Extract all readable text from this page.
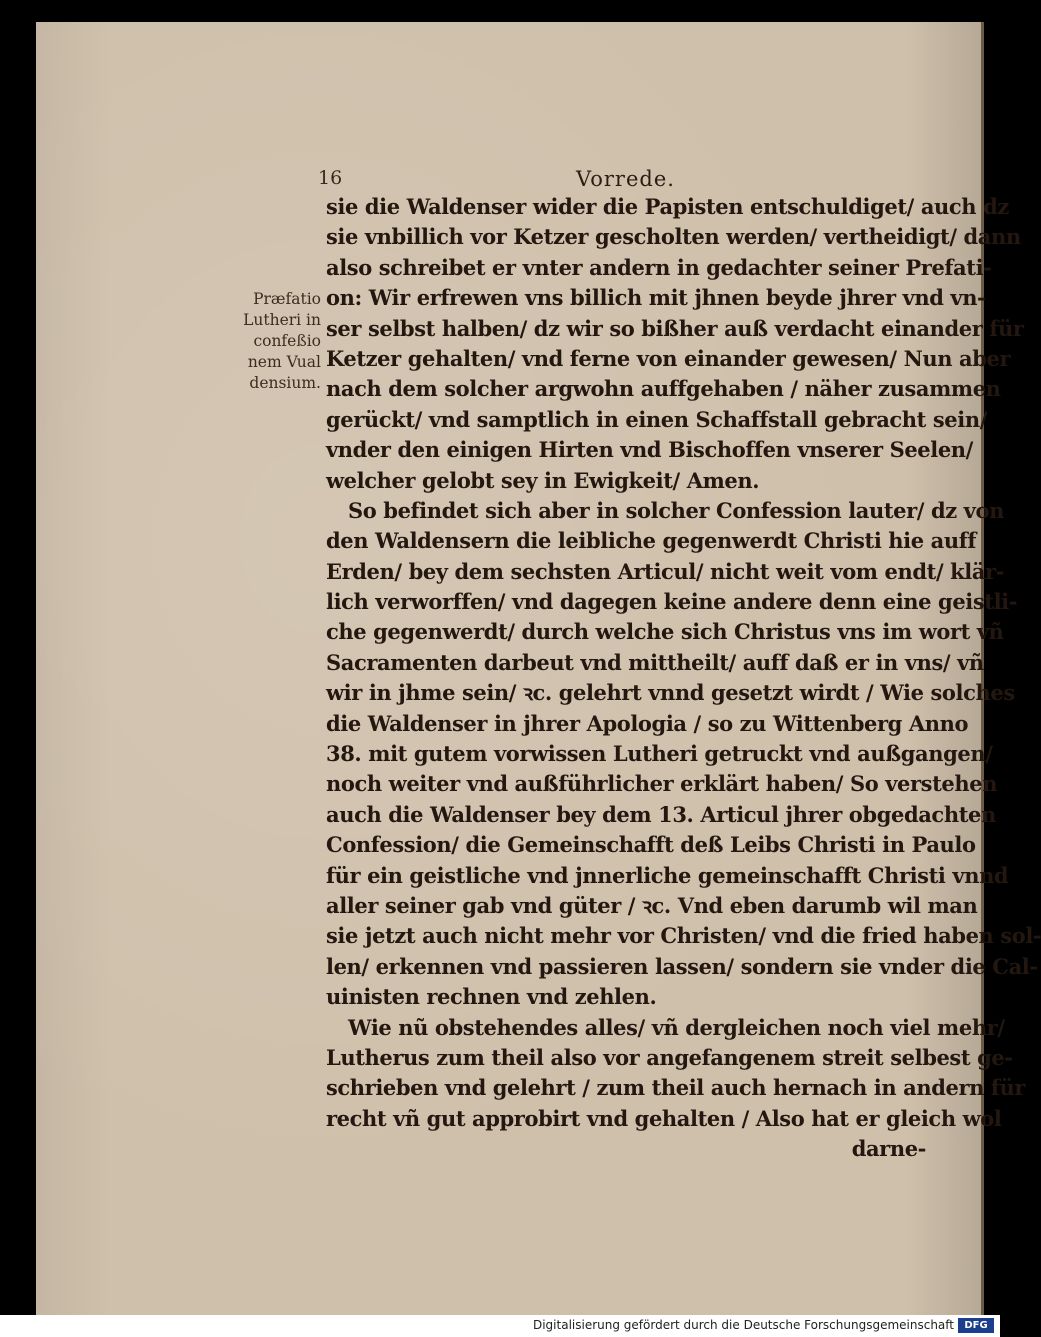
16	Vorrede.
Præfatio
Lutheri in
confeßio
nem Vual
densium.
sie die Waldenser wider die Papisten entschuldiget/ auch dz
sie vnbillich vor Ketzer gescholten werden/ vertheidigt/ dann
also schreibet er vnter andern in gedachter seiner Prefati-
on: Wir erfrewen vns billich mit jhnen beyde jhrer vnd vn-
ser selbst halben/ dz wir so bißher auß verdacht einander für
Ketzer gehalten/ vnd ferne von einander gewesen/ Nun aber
nach dem solcher argwohn auffgehaben / näher zusammen
gerückt/ vnd samptlich in einen Schaffstall gebracht sein/
vnder den einigen Hirten vnd Bischoffen vnserer Seelen/
welcher gelobt sey in Ewigkeit/ Amen.
So befindet sich aber in solcher Confession lauter/ dz von
den Waldensern die leibliche gegenwerdt Christi hie auff
Erden/ bey dem sechsten Articul/ nicht weit vom endt/ klär-
lich verworffen/ vnd dagegen keine andere denn eine geistli-
che gegenwerdt/ durch welche sich Christus vns im wort vñ
Sacramenten darbeut vnd mittheilt/ auff daß er in vns/ vñ
wir in jhme sein/ ꝛc. gelehrt vnnd gesetzt wirdt / Wie solches
die Waldenser in jhrer Apologia / so zu Wittenberg Anno
38. mit gutem vorwissen Lutheri getruckt vnd außgangen/
noch weiter vnd außführlicher erklärt haben/ So verstehen
auch die Waldenser bey dem 13. Articul jhrer obgedachten
Confession/ die Gemeinschafft deß Leibs Christi in Paulo
für ein geistliche vnd jnnerliche gemeinschafft Christi vnnd
aller seiner gab vnd güter / ꝛc. Vnd eben darumb wil man
sie jetzt auch nicht mehr vor Christen/ vnd die fried haben sol-
len/ erkennen vnd passieren lassen/ sondern sie vnder die Cal-
uinisten rechnen vnd zehlen.
Wie nũ obstehendes alles/ vñ dergleichen noch viel mehr/
Lutherus zum theil also vor angefangenem streit selbest ge-
schrieben vnd gelehrt / zum theil auch hernach in andern für
recht vñ gut approbirt vnd gehalten / Also hat er gleich wol
darne-
Digitalisierung gefördert durch die Deutsche Forschungsgemeinschaft	DFG
